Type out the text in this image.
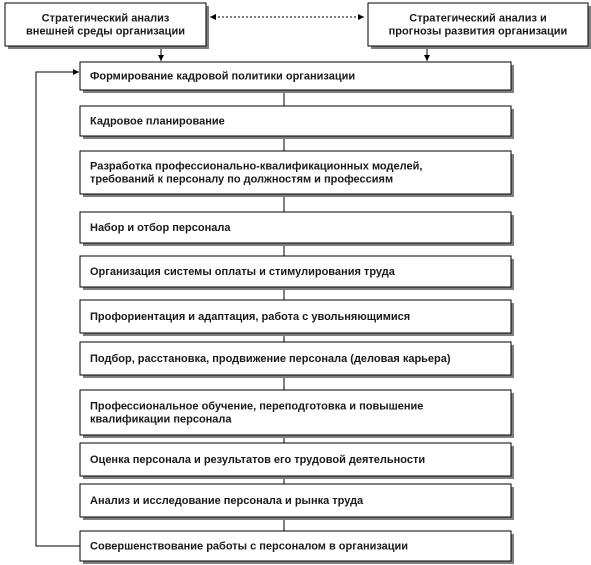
Стратегический анализ
внешней среды организации
Стратегический анализ и
прогнозы развития организации
Формирование кадровой политики организации
Кадровое планирование
Разработка профессионально-квалификационных моделей,
требований к персоналу по должностям и профессиям
Набор и отбор персонала
Организация системы оплаты и стимулирования труда
Профориентация и адаптация, работа с увольняющимися
Подбор, расстановка, продвижение персонала (деловая карьера)
Профессиональное обучение, переподготовка и повышение
квалификации персонала
Оценка персонала и результатов его трудовой деятельности
Анализ и исследование персонала и рынка труда
Совершенствование работы с персоналом в организации
